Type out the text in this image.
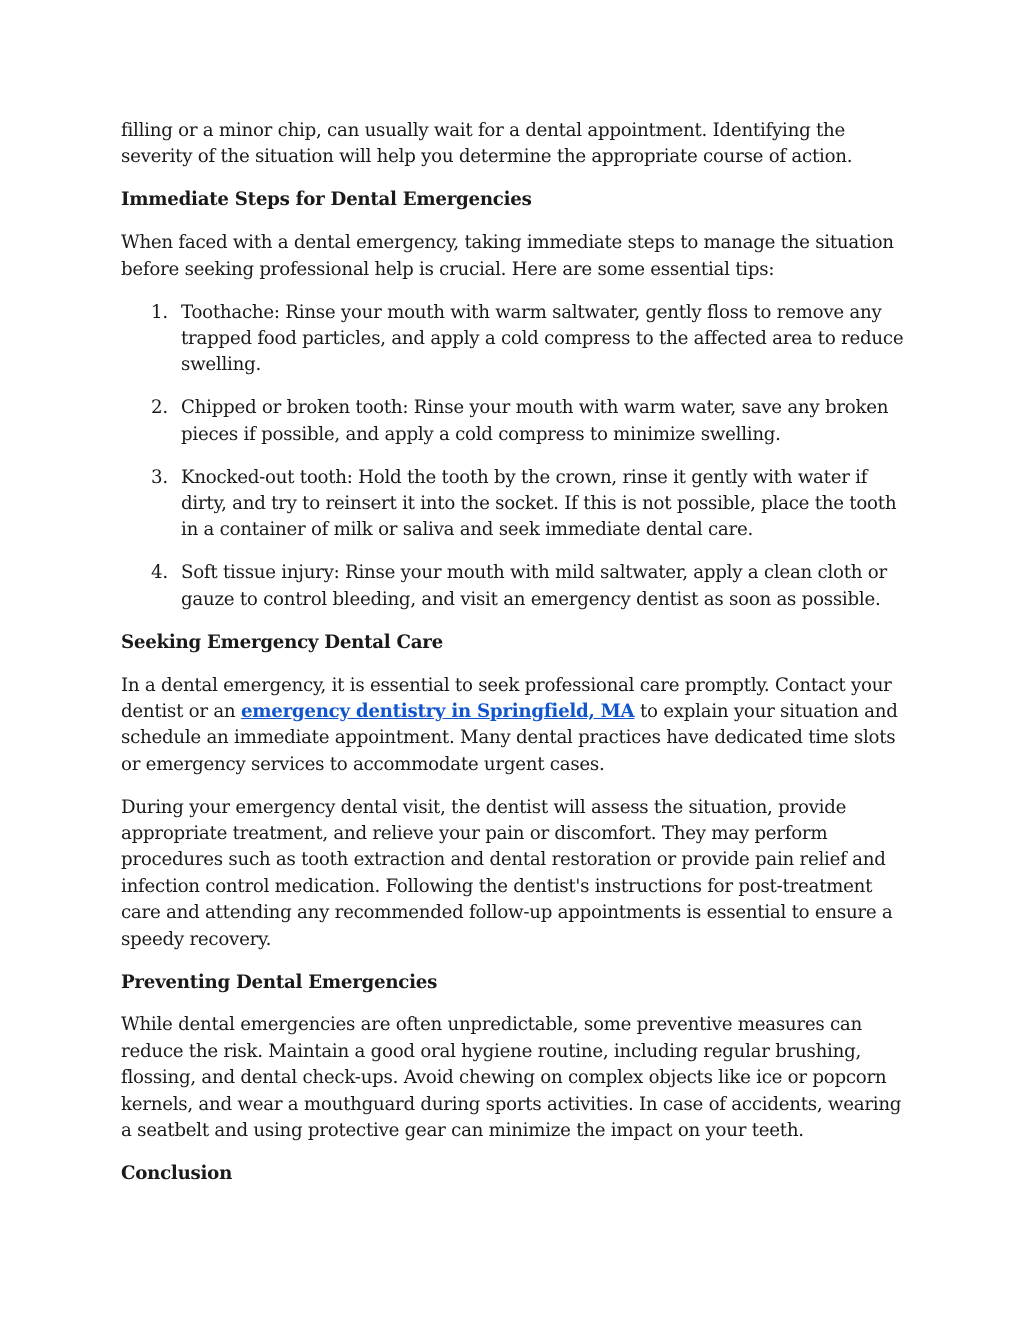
filling or a minor chip, can usually wait for a dental appointment. Identifying the severity of the situation will help you determine the appropriate course of action.

Immediate Steps for Dental Emergencies

When faced with a dental emergency, taking immediate steps to manage the situation before seeking professional help is crucial. Here are some essential tips:

1. Toothache: Rinse your mouth with warm saltwater, gently floss to remove any trapped food particles, and apply a cold compress to the affected area to reduce swelling.
2. Chipped or broken tooth: Rinse your mouth with warm water, save any broken pieces if possible, and apply a cold compress to minimize swelling.
3. Knocked-out tooth: Hold the tooth by the crown, rinse it gently with water if dirty, and try to reinsert it into the socket. If this is not possible, place the tooth in a container of milk or saliva and seek immediate dental care.
4. Soft tissue injury: Rinse your mouth with mild saltwater, apply a clean cloth or gauze to control bleeding, and visit an emergency dentist as soon as possible.
Seeking Emergency Dental Care

In a dental emergency, it is essential to seek professional care promptly. Contact your dentist or an emergency dentistry in Springfield, MA to explain your situation and schedule an immediate appointment. Many dental practices have dedicated time slots or emergency services to accommodate urgent cases.

During your emergency dental visit, the dentist will assess the situation, provide appropriate treatment, and relieve your pain or discomfort. They may perform procedures such as tooth extraction and dental restoration or provide pain relief and infection control medication. Following the dentist's instructions for post-treatment care and attending any recommended follow-up appointments is essential to ensure a speedy recovery.

Preventing Dental Emergencies

While dental emergencies are often unpredictable, some preventive measures can reduce the risk. Maintain a good oral hygiene routine, including regular brushing, flossing, and dental check-ups. Avoid chewing on complex objects like ice or popcorn kernels, and wear a mouthguard during sports activities. In case of accidents, wearing a seatbelt and using protective gear can minimize the impact on your teeth.

Conclusion
